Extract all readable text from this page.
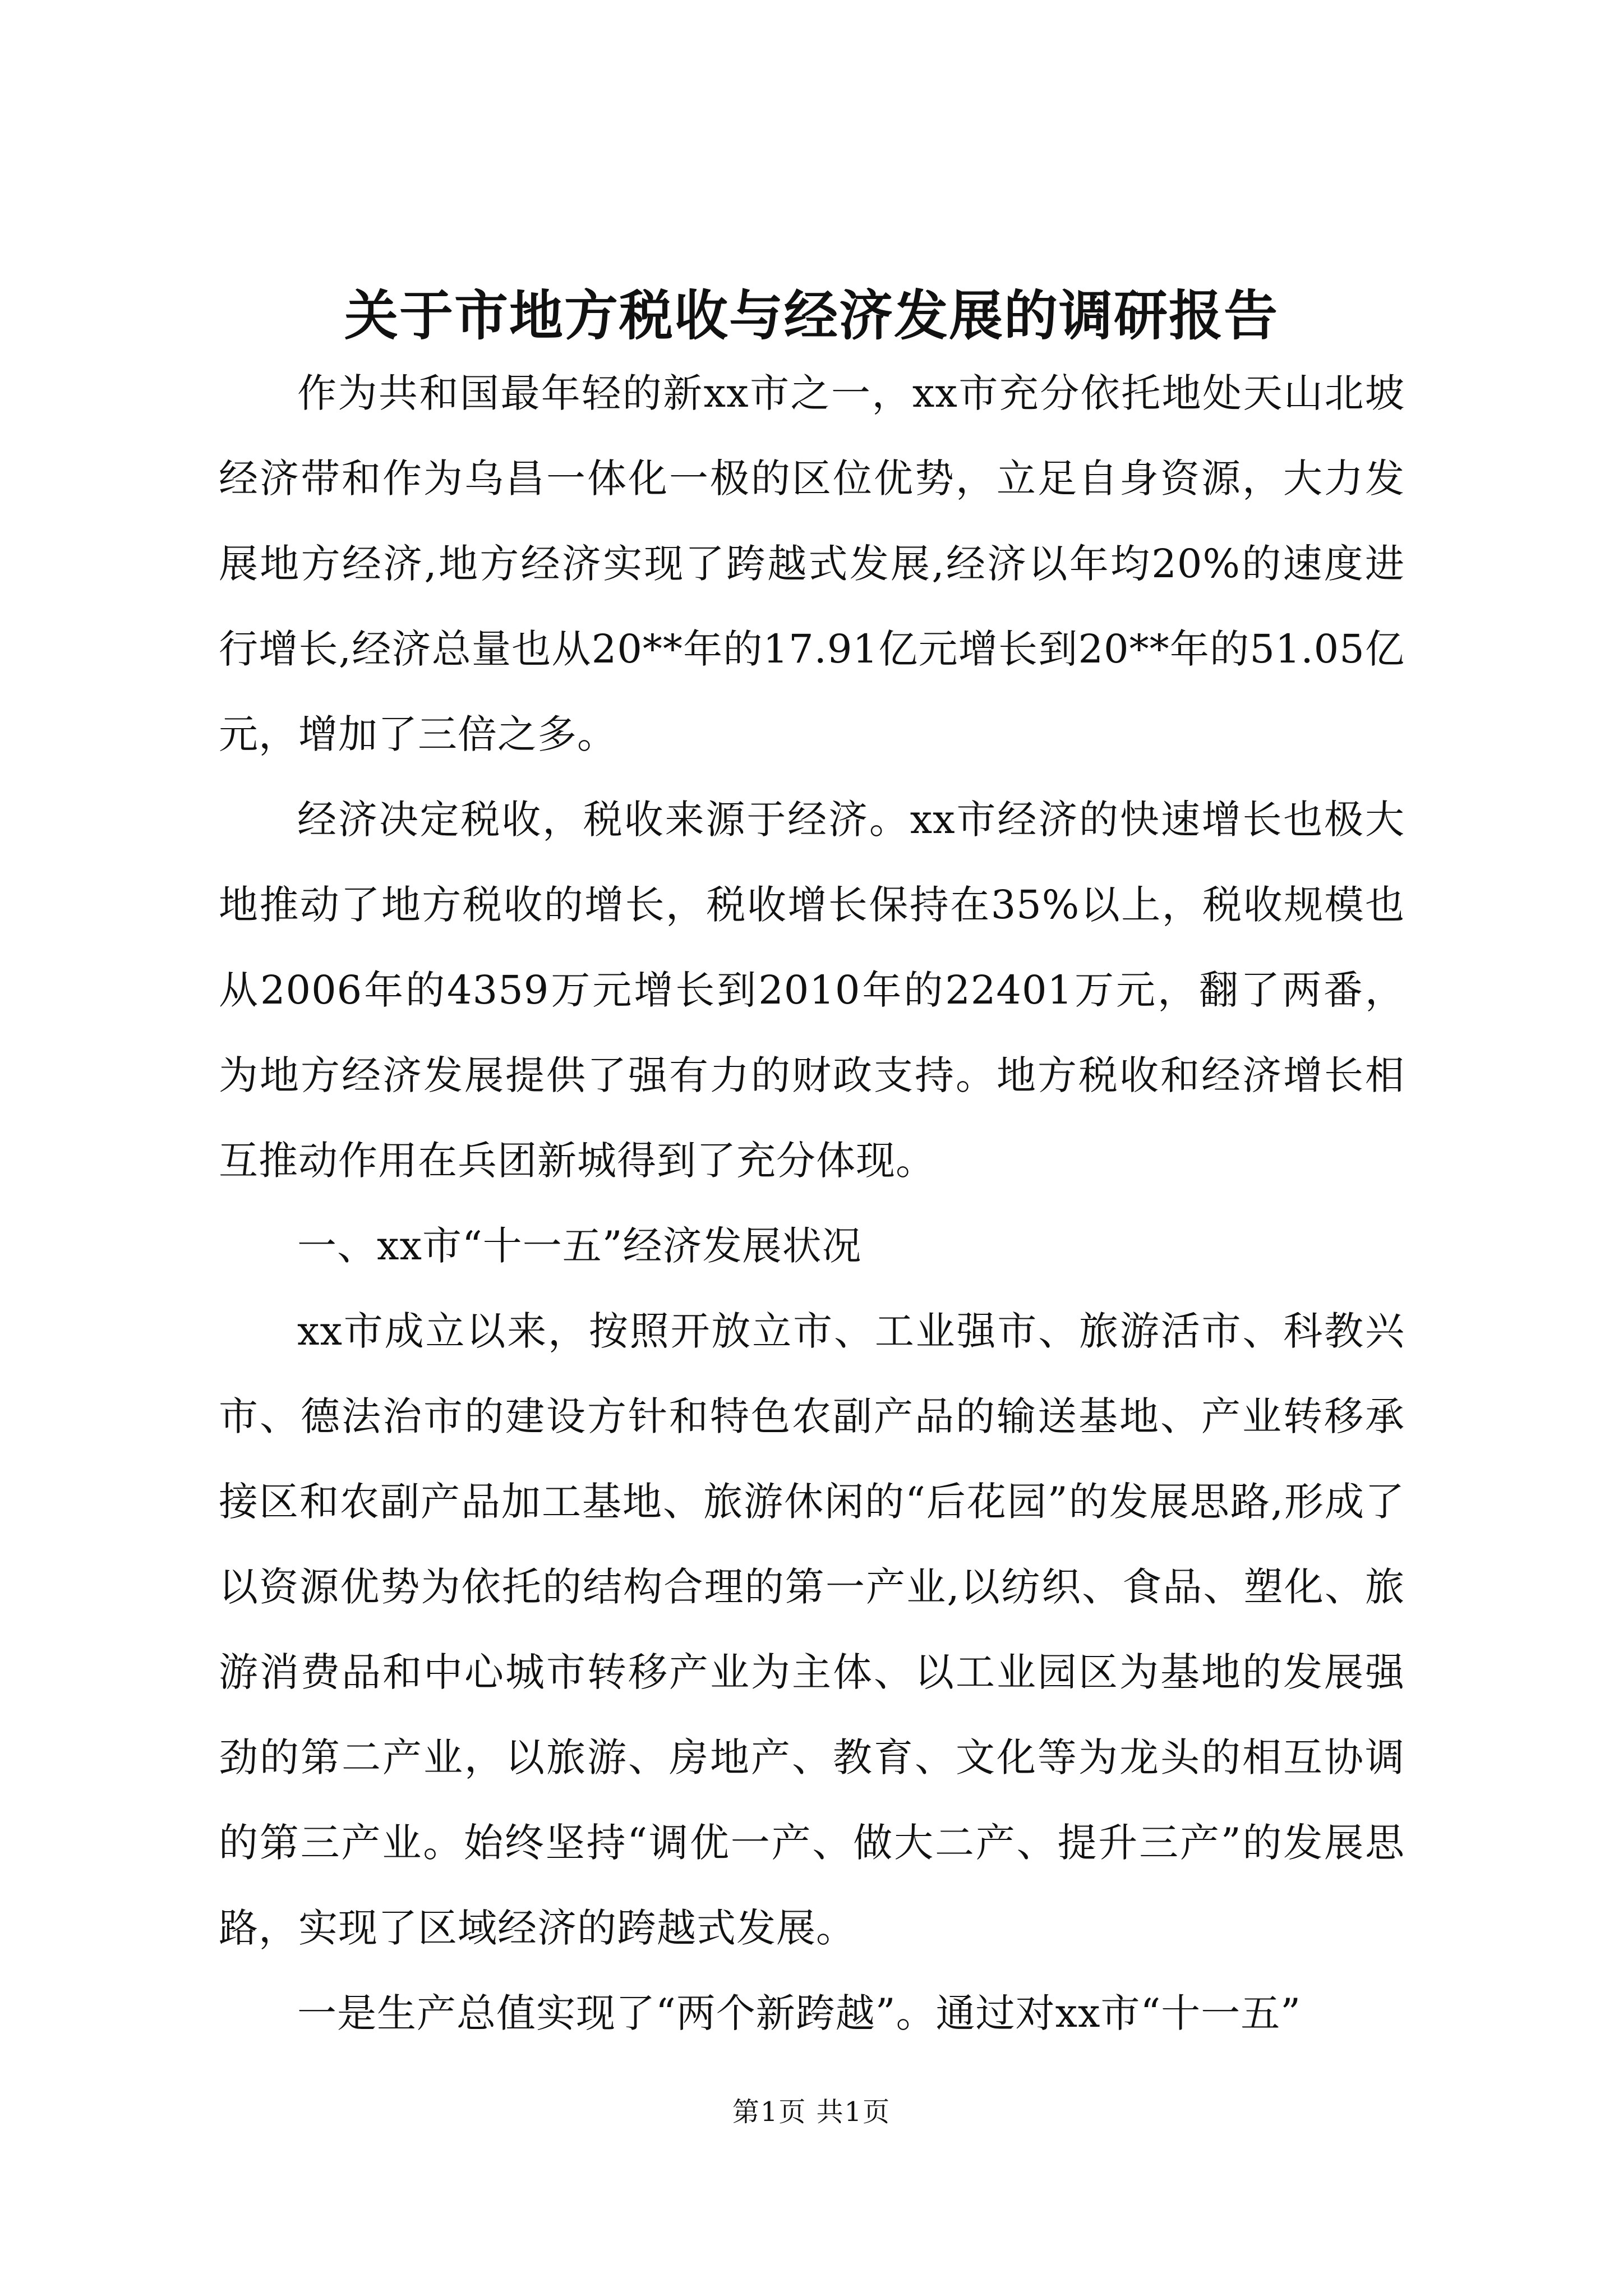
关于市地方税收与经济发展的调研报告

作为共和国最年轻的新xx市之一，xx市充分依托地处天山北坡经济带和作为乌昌一体化一极的区位优势，立足自身资源，大力发展地方经济,地方经济实现了跨越式发展,经济以年均20%的速度进行增长,经济总量也从20**年的17.91亿元增长到20**年的51.05亿元，增加了三倍之多。

经济决定税收，税收来源于经济。xx市经济的快速增长也极大地推动了地方税收的增长，税收增长保持在35%以上，税收规模也从2006年的4359万元增长到2010年的22401万元，翻了两番，为地方经济发展提供了强有力的财政支持。地方税收和经济增长相互推动作用在兵团新城得到了充分体现。

一、xx市“十一五”经济发展状况

xx市成立以来，按照开放立市、工业强市、旅游活市、科教兴市、德法治市的建设方针和特色农副产品的输送基地、产业转移承接区和农副产品加工基地、旅游休闲的“后花园”的发展思路,形成了以资源优势为依托的结构合理的第一产业,以纺织、食品、塑化、旅游消费品和中心城市转移产业为主体、以工业园区为基地的发展强劲的第二产业，以旅游、房地产、教育、文化等为龙头的相互协调的第三产业。始终坚持“调优一产、做大二产、提升三产”的发展思路，实现了区域经济的跨越式发展。

一是生产总值实现了“两个新跨越”。通过对xx市“十一五”

第1页 共1页
